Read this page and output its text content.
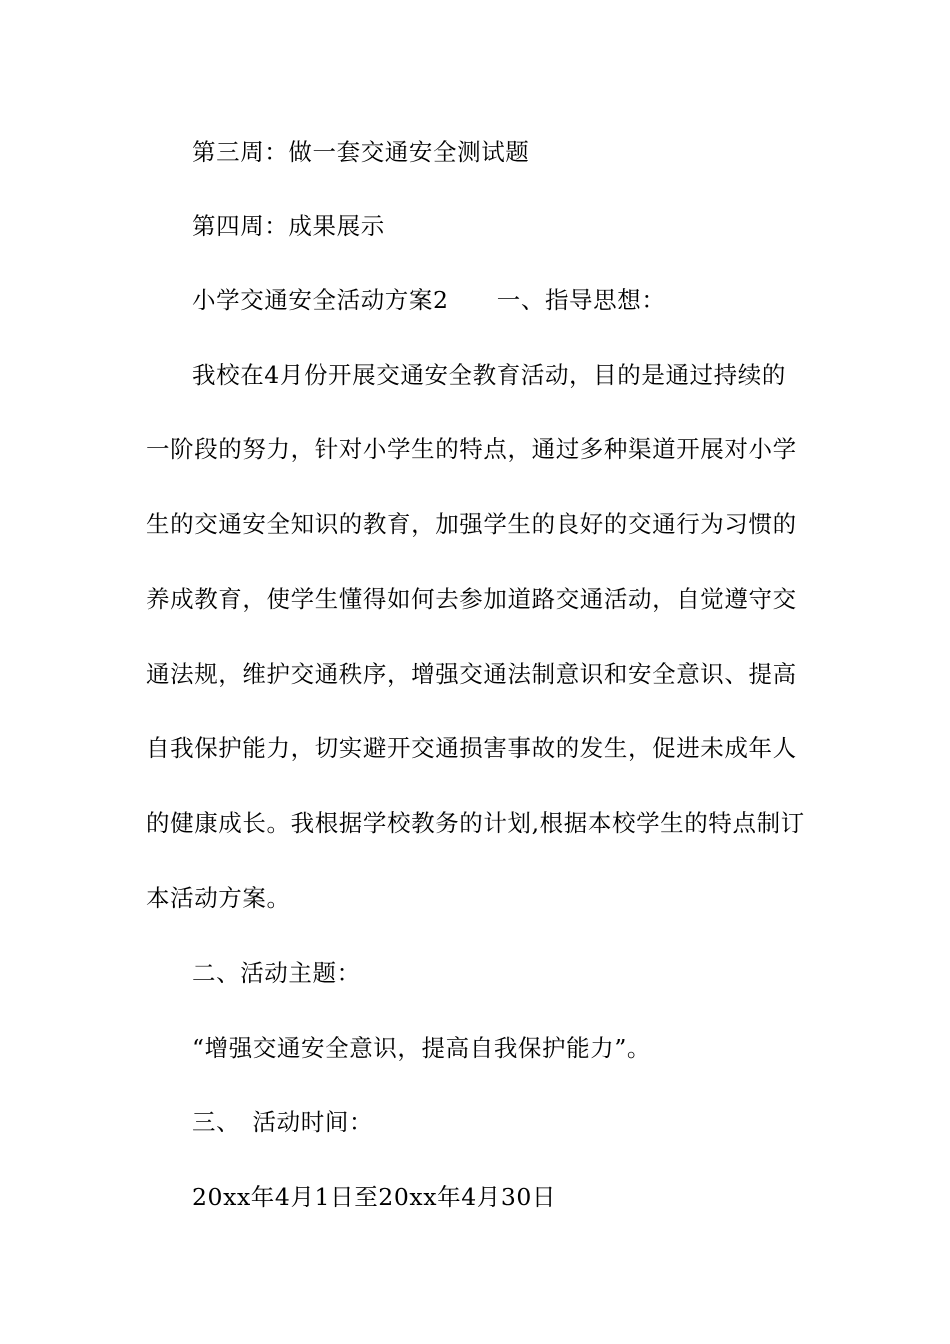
第三周：做一套交通安全测试题
第四周：成果展示
小学交通安全活动方案2　　一、指导思想：
我校在4月份开展交通安全教育活动，目的是通过持续的
一阶段的努力，针对小学生的特点，通过多种渠道开展对小学
生的交通安全知识的教育，加强学生的良好的交通行为习惯的
养成教育，使学生懂得如何去参加道路交通活动，自觉遵守交
通法规，维护交通秩序，增强交通法制意识和安全意识、提高
自我保护能力，切实避开交通损害事故的发生，促进未成年人
的健康成长。我根据学校教务的计划,根据本校学生的特点制订
本活动方案。
二、活动主题：
“增强交通安全意识，提高自我保护能力”。
三、　活动时间：
20xx年4月1日至20xx年4月30日
